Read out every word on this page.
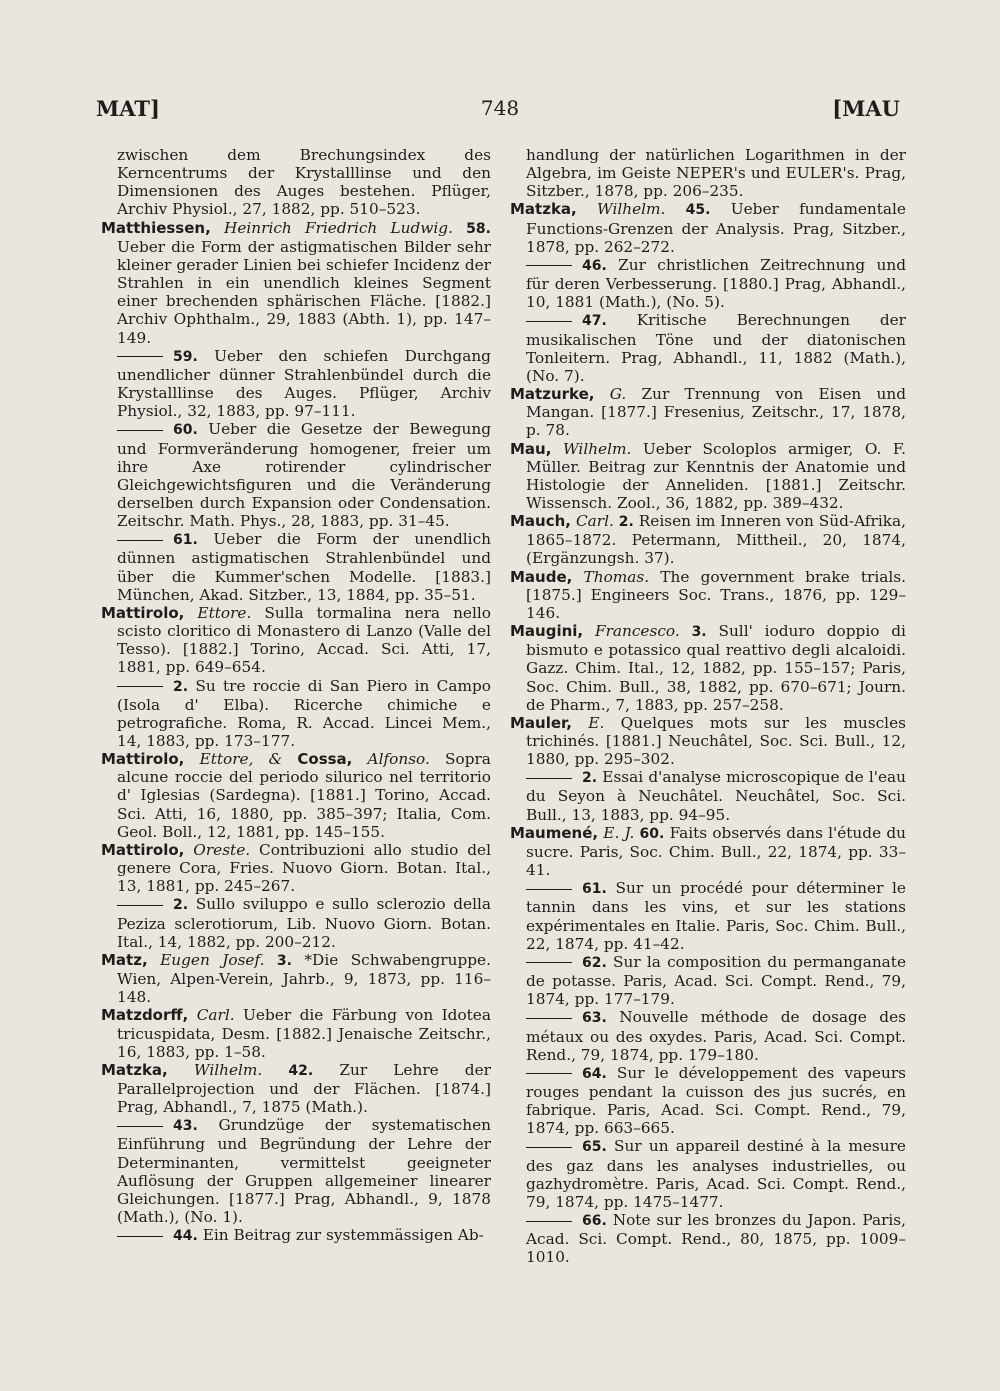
MAT]	748	[MAU

zwischen dem Brechungsindex des Kerncentrums der Krystalllinse und den Dimensionen des Auges bestehen. Pflüger, Archiv Physiol., 27, 1882, pp. 510–523.

Matthiessen, Heinrich Friedrich Ludwig. 58. Ueber die Form der astigmatischen Bilder sehr kleiner gerader Linien bei schiefer Incidenz der Strahlen in ein unendlich kleines Segment einer brechenden sphärischen Fläche. [1882.] Archiv Ophthalm., 29, 1883 (Abth. 1), pp. 147–149.

59. Ueber den schiefen Durchgang unendlicher dünner Strahlenbündel durch die Krystalllinse des Auges. Pflüger, Archiv Physiol., 32, 1883, pp. 97–111.

60. Ueber die Gesetze der Bewegung und Formveränderung homogener, freier um ihre Axe rotirender cylindrischer Gleichgewichtsfiguren und die Veränderung derselben durch Expansion oder Condensation. Zeitschr. Math. Phys., 28, 1883, pp. 31–45.

61. Ueber die Form der unendlich dünnen astigmatischen Strahlenbündel und über die Kummer'schen Modelle. [1883.] München, Akad. Sitzber., 13, 1884, pp. 35–51.

Mattirolo, Ettore. Sulla tormalina nera nello scisto cloritico di Monastero di Lanzo (Valle del Tesso). [1882.] Torino, Accad. Sci. Atti, 17, 1881, pp. 649–654.

2. Su tre roccie di San Piero in Campo (Isola d' Elba). Ricerche chimiche e petrografiche. Roma, R. Accad. Lincei Mem., 14, 1883, pp. 173–177.

Mattirolo, Ettore, & Cossa, Alfonso. Sopra alcune roccie del periodo silurico nel territorio d' Iglesias (Sardegna). [1881.] Torino, Accad. Sci. Atti, 16, 1880, pp. 385–397; Italia, Com. Geol. Boll., 12, 1881, pp. 145–155.

Mattirolo, Oreste. Contribuzioni allo studio del genere Cora, Fries. Nuovo Giorn. Botan. Ital., 13, 1881, pp. 245–267.

2. Sullo sviluppo e sullo sclerozio della Peziza sclerotiorum, Lib. Nuovo Giorn. Botan. Ital., 14, 1882, pp. 200–212.

Matz, Eugen Josef. 3. *Die Schwabengruppe. Wien, Alpen-Verein, Jahrb., 9, 1873, pp. 116–148.

Matzdorff, Carl. Ueber die Färbung von Idotea tricuspidata, Desm. [1882.] Jenaische Zeitschr., 16, 1883, pp. 1–58.

Matzka, Wilhelm. 42. Zur Lehre der Parallelprojection und der Flächen. [1874.] Prag, Abhandl., 7, 1875 (Math.).

43. Grundzüge der systematischen Einführung und Begründung der Lehre der Determinanten, vermittelst geeigneter Auflösung der Gruppen allgemeiner linearer Gleichungen. [1877.] Prag, Abhandl., 9, 1878 (Math.), (No. 1).

44. Ein Beitrag zur systemmässigen Ab-

handlung der natürlichen Logarithmen in der Algebra, im Geiste NEPER's und EULER's. Prag, Sitzber., 1878, pp. 206–235.

Matzka, Wilhelm. 45. Ueber fundamentale Functions-Grenzen der Analysis. Prag, Sitzber., 1878, pp. 262–272.

46. Zur christlichen Zeitrechnung und für deren Verbesserung. [1880.] Prag, Abhandl., 10, 1881 (Math.), (No. 5).

47. Kritische Berechnungen der musikalischen Töne und der diatonischen Tonleitern. Prag, Abhandl., 11, 1882 (Math.), (No. 7).

Matzurke, G. Zur Trennung von Eisen und Mangan. [1877.] Fresenius, Zeitschr., 17, 1878, p. 78.

Mau, Wilhelm. Ueber Scoloplos armiger, O. F. Müller. Beitrag zur Kenntnis der Anatomie und Histologie der Anneliden. [1881.] Zeitschr. Wissensch. Zool., 36, 1882, pp. 389–432.

Mauch, Carl. 2. Reisen im Inneren von Süd-Afrika, 1865–1872. Petermann, Mittheil., 20, 1874, (Ergänzungsh. 37).

Maude, Thomas. The government brake trials. [1875.] Engineers Soc. Trans., 1876, pp. 129–146.

Maugini, Francesco. 3. Sull' ioduro doppio di bismuto e potassico qual reattivo degli alcaloidi. Gazz. Chim. Ital., 12, 1882, pp. 155–157; Paris, Soc. Chim. Bull., 38, 1882, pp. 670–671; Journ. de Pharm., 7, 1883, pp. 257–258.

Mauler, E. Quelques mots sur les muscles trichinés. [1881.] Neuchâtel, Soc. Sci. Bull., 12, 1880, pp. 295–302.

2. Essai d'analyse microscopique de l'eau du Seyon à Neuchâtel. Neuchâtel, Soc. Sci. Bull., 13, 1883, pp. 94–95.

Maumené, E. J. 60. Faits observés dans l'étude du sucre. Paris, Soc. Chim. Bull., 22, 1874, pp. 33–41.

61. Sur un procédé pour déterminer le tannin dans les vins, et sur les stations expérimentales en Italie. Paris, Soc. Chim. Bull., 22, 1874, pp. 41–42.

62. Sur la composition du permanganate de potasse. Paris, Acad. Sci. Compt. Rend., 79, 1874, pp. 177–179.

63. Nouvelle méthode de dosage des métaux ou des oxydes. Paris, Acad. Sci. Compt. Rend., 79, 1874, pp. 179–180.

64. Sur le développement des vapeurs rouges pendant la cuisson des jus sucrés, en fabrique. Paris, Acad. Sci. Compt. Rend., 79, 1874, pp. 663–665.

65. Sur un appareil destiné à la mesure des gaz dans les analyses industrielles, ou gazhydromètre. Paris, Acad. Sci. Compt. Rend., 79, 1874, pp. 1475–1477.

66. Note sur les bronzes du Japon. Paris, Acad. Sci. Compt. Rend., 80, 1875, pp. 1009–1010.
